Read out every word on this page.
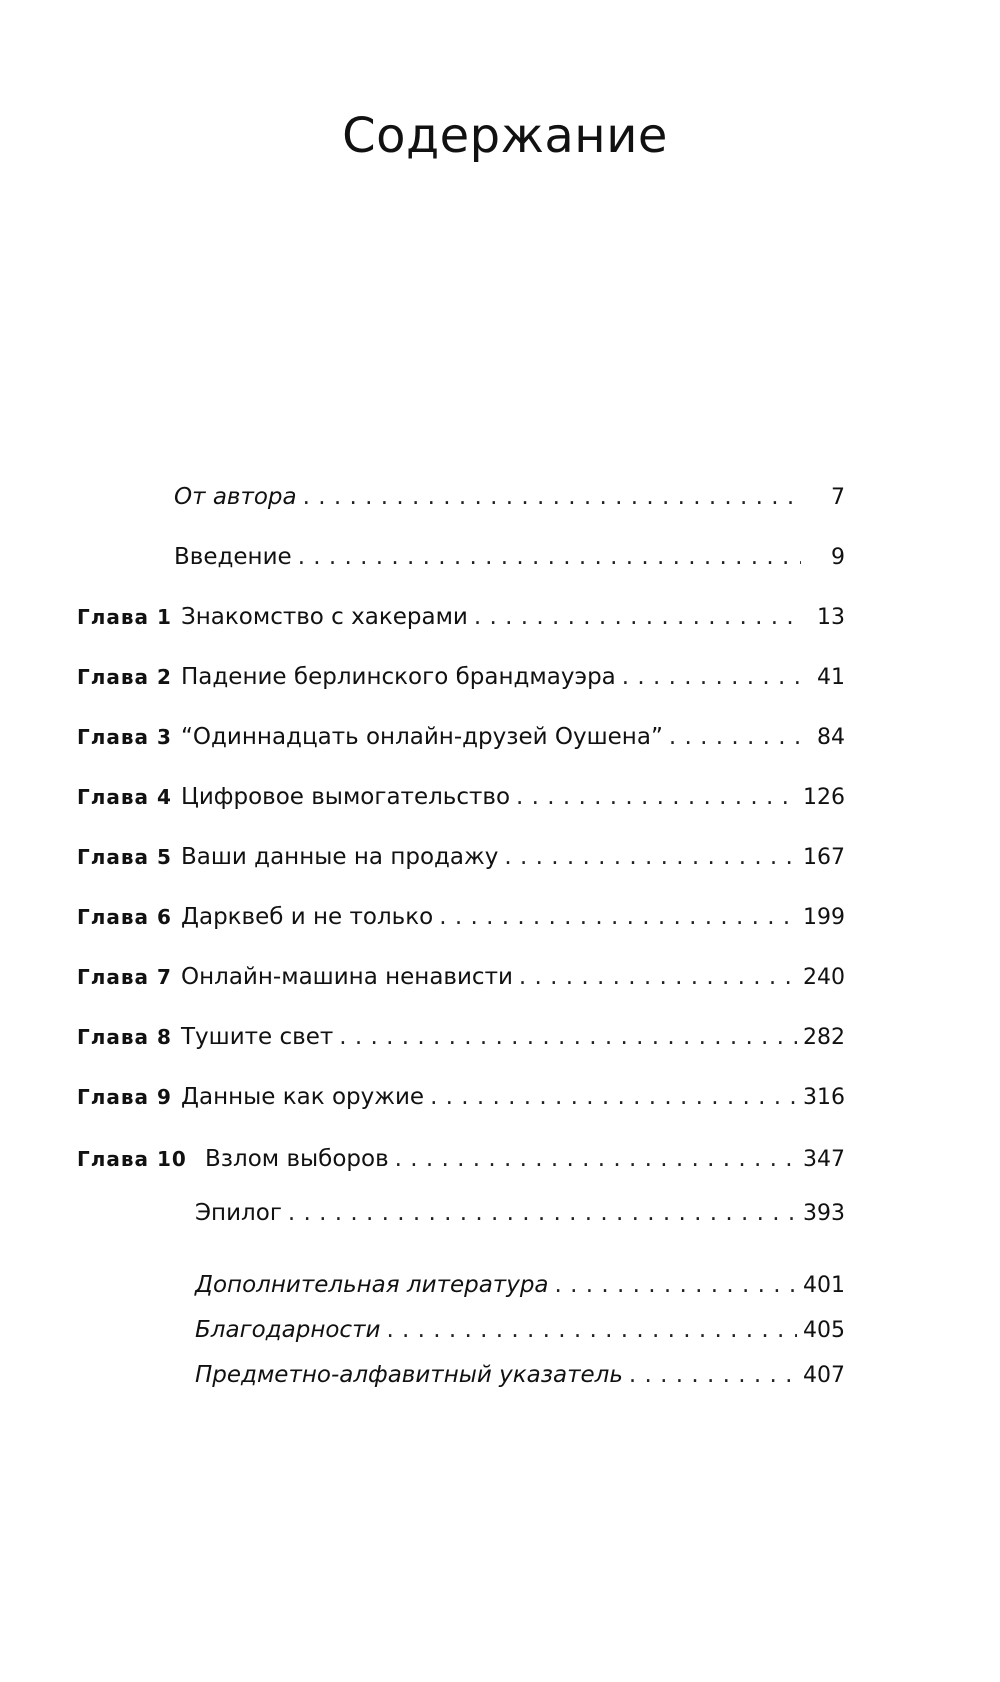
Содержание
От автора . . .	7
Введение . . .	9
Глава 1 Знакомство с хакерами . . .	13
Глава 2 Падение берлинского брандмауэра . . .	41
Глава 3 “Одиннадцать онлайн-друзей Оушена” . . .	84
Глава 4 Цифровое вымогательство . . .	126
Глава 5 Ваши данные на продажу . . .	167
Глава 6 Дарквеб и не только . . .	199
Глава 7 Онлайн-машина ненависти . . .	240
Глава 8 Тушите свет . . .	282
Глава 9 Данные как оружие . . .	316
Глава 10 Взлом выборов . . .	347
Эпилог . . .	393
Дополнительная литература . . .	401
Благодарности . . .	405
Предметно-алфавитный указатель . . .	407
